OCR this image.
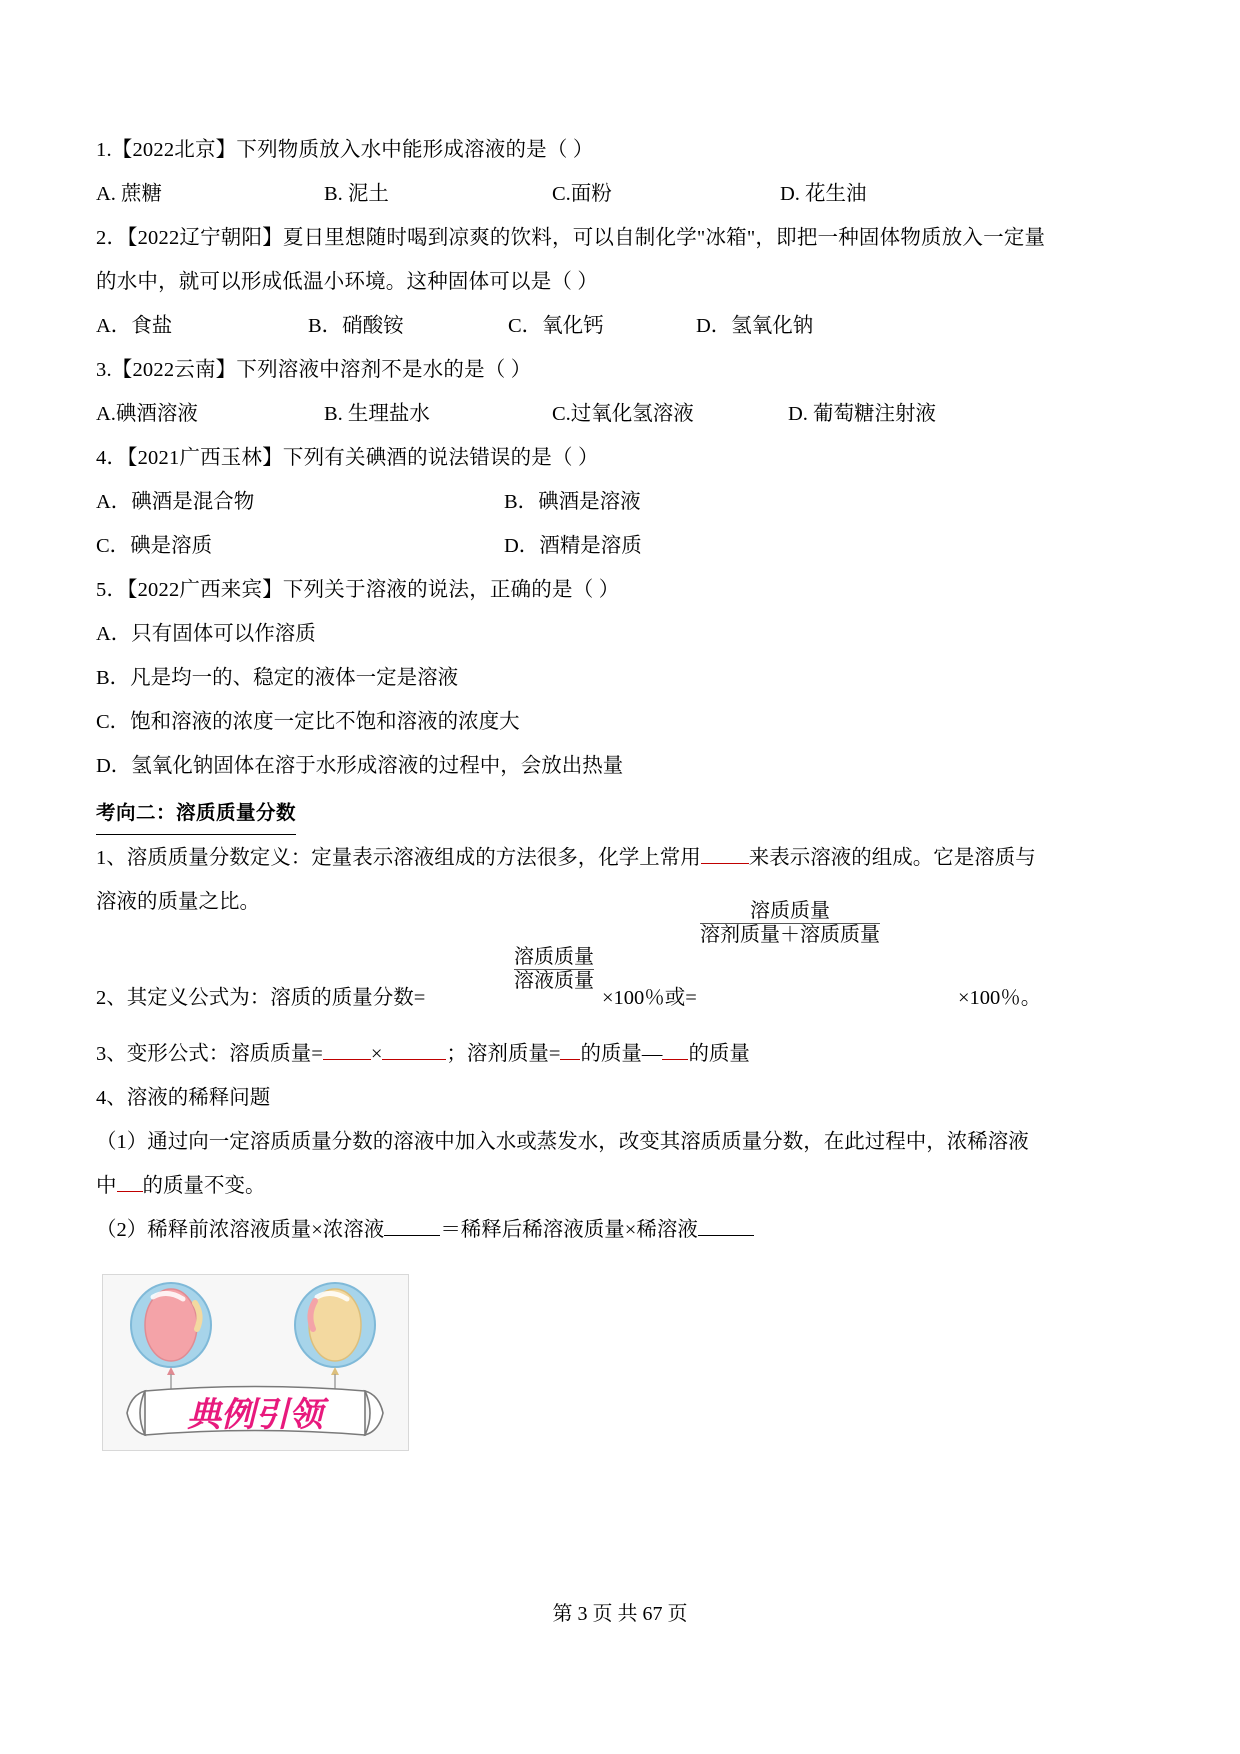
1.【2022北京】下列物质放入水中能形成溶液的是（ ）
A. 蔗糖	B. 泥土	C.面粉	D. 花生油
2．【2022辽宁朝阳】夏日里想随时喝到凉爽的饮料，可以自制化学"冰箱"，即把一种固体物质放入一定量
的水中，就可以形成低温小环境。这种固体可以是（ ）
A．食盐	B．硝酸铵	C．氧化钙	D．氢氧化钠
3.【2022云南】下列溶液中溶剂不是水的是（ ）
A.碘酒溶液	B. 生理盐水	C.过氧化氢溶液	D. 葡萄糖注射液
4．【2021广西玉林】下列有关碘酒的说法错误的是（ ）
A．碘酒是混合物	B．碘酒是溶液
C．碘是溶质	D．酒精是溶质
5．【2022广西来宾】下列关于溶液的说法，正确的是（ ）
A．只有固体可以作溶质
B．凡是均一的、稳定的液体一定是溶液
C．饱和溶液的浓度一定比不饱和溶液的浓度大
D．氢氧化钠固体在溶于水形成溶液的过程中，会放出热量
考向二：溶质质量分数
1、溶质质量分数定义：定量表示溶液组成的方法很多，化学上常用 来表示溶液的组成。它是溶质与
溶液的质量之比。
2、其定义公式为：溶质的质量分数=
溶质质量
溶液质量
×100％或=
溶质质量
溶剂质量＋溶质质量
×100％。
3、变形公式：溶质质量= ×	；溶剂质量= 的质量— 的质量
4、溶液的稀释问题
（1）通过向一定溶质质量分数的溶液中加入水或蒸发水，改变其溶质质量分数，在此过程中，浓稀溶液
中 的质量不变。
（2）稀释前浓溶液质量×浓溶液	＝稀释后稀溶液质量×稀溶液
典例引领
第 3 页 共 67 页
